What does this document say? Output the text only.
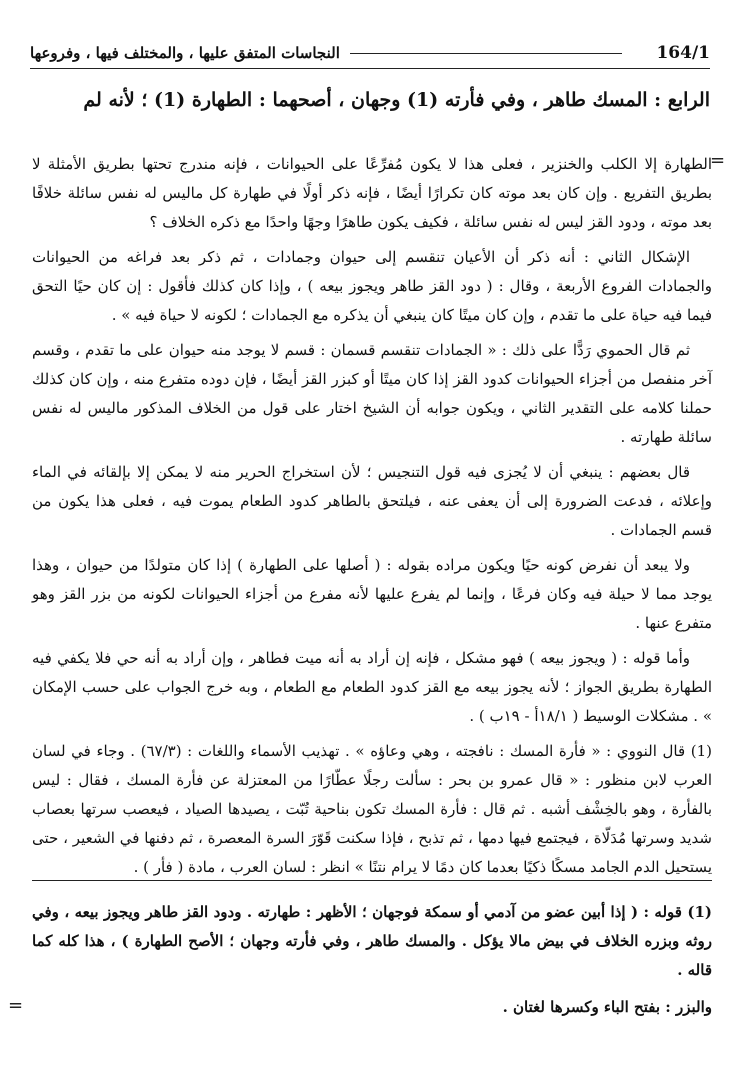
النجاسات المتفق عليها ، والمختلف فيها ، وفروعها	164/1
الرابع : المسك طاهر ، وفي فأرته (1) وجهان ، أصحهما : الطهارة (1) ؛ لأنه لم
=

الطهارة إلا الكلب والخنزير ، فعلى هذا لا يكون مُفرِّعًا على الحيوانات ، فإنه مندرج تحتها بطريق الأمثلة لا بطريق التفريع . وإن كان بعد موته كان تكرارًا أيضًا ، فإنه ذكر أولًا في طهارة كل ماليس له نفس سائلة خلافًا بعد موته ، ودود القز ليس له نفس سائلة ، فكيف يكون طاهرًا وجهًا واحدًا مع ذكره الخلاف ؟

الإشكال الثاني : أنه ذكر أن الأعيان تنقسم إلى حيوان وجمادات ، ثم ذكر بعد فراغه من الحيوانات والجمادات الفروع الأربعة ، وقال : ( دود القز طاهر ويجوز بيعه ) ، وإذا كان كذلك فأقول : إن كان حيًا التحق فيما فيه حياة على ما تقدم ، وإن كان ميتًا كان ينبغي أن يذكره مع الجمادات ؛ لكونه لا حياة فيه » .

ثم قال الحموي رَدًّا على ذلك : « الجمادات تنقسم قسمان : قسم لا يوجد منه حيوان على ما تقدم ، وقسم آخر منفصل من أجزاء الحيوانات كدود القز إذا كان ميتًا أو كبزر القز أيضًا ، فإن دوده متفرع منه ، وإن كان كذلك حملنا كلامه على التقدير الثاني ، ويكون جوابه أن الشيخ اختار على قول من الخلاف المذكور ماليس له نفس سائلة طهارته .

قال بعضهم : ينبغي أن لا يُجزى فيه قول التنجيس ؛ لأن استخراج الحرير منه لا يمكن إلا بإلقائه في الماء وإعلائه ، فدعت الضرورة إلى أن يعفى عنه ، فيلتحق بالطاهر كدود الطعام يموت فيه ، فعلى هذا يكون من قسم الجمادات .

ولا يبعد أن نفرض كونه حيًا ويكون مراده بقوله : ( أصلها على الطهارة ) إذا كان متولدًا من حيوان ، وهذا يوجد مما لا حيلة فيه وكان فرعًا ، وإنما لم يفرع عليها لأنه مفرع من أجزاء الحيوانات لكونه من بزر القز وهو متفرع عنها .

وأما قوله : ( ويجوز بيعه ) فهو مشكل ، فإنه إن أراد به أنه ميت فطاهر ، وإن أراد به أنه حي فلا يكفي فيه الطهارة بطريق الجواز ؛ لأنه يجوز بيعه مع القز كدود الطعام مع الطعام ، وبه خرج الجواب على حسب الإمكان » . مشكلات الوسيط ( ١٨/١أ - ١٩ب ) .

(1) قال النووي : « فأرة المسك : نافجته ، وهي وعاؤه » . تهذيب الأسماء واللغات : (٦٧/٣) . وجاء في لسان العرب لابن منظور : « قال عمرو بن بحر : سألت رجلًا عطّارًا من المعتزلة عن فأرة المسك ، فقال : ليس بالفأرة ، وهو بالخِشْف أشبه . ثم قال : فأرة المسك تكون بناحية تُبّت ، يصيدها الصياد ، فيعصب سرتها بعصاب شديد وسرتها مُدَلّاة ، فيجتمع فيها دمها ، ثم تذبح ، فإذا سكنت قَوّرَ السرة المعصرة ، ثم دفنها في الشعير ، حتى يستحيل الدم الجامد مسكًا ذكيًا بعدما كان دمًا لا يرام نتنًا » انظر : لسان العرب ، مادة ( فأر ) .

(1) قوله : ( إذا أبين عضو من آدمي أو سمكة فوجهان ؛ الأظهر : طهارته . ودود القز طاهر ويجوز بيعه ، وفي روثه وبزره الخلاف في بيض مالا يؤكل . والمسك طاهر ، وفي فأرته وجهان ؛ الأصح الطهارة ) ، هذا كله كما قاله .

والبزر : بفتح الباء وكسرها لغتان .

=
